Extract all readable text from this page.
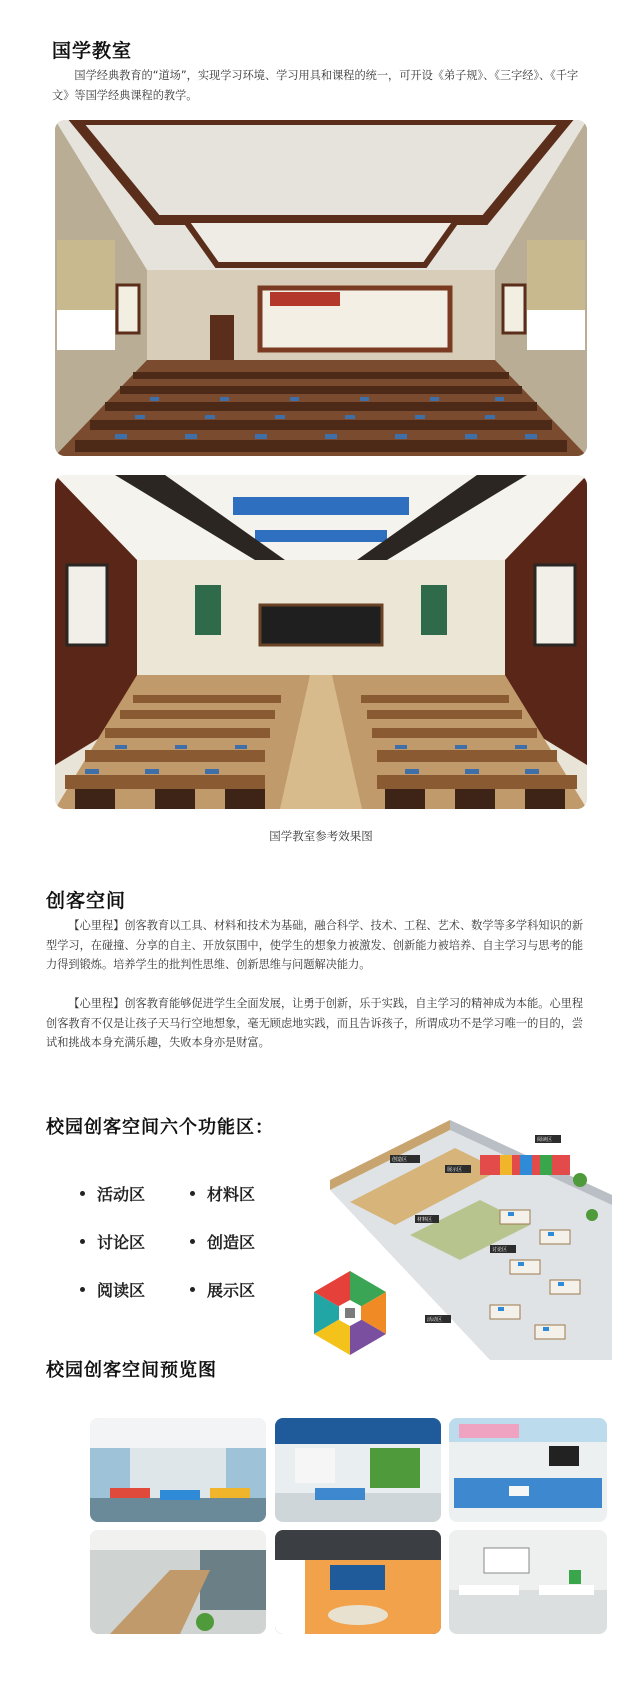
国学教室
国学经典教育的“道场”，实现学习环境、学习用具和课程的统一，可开设《弟子规》、《三字经》、《千字文》等国学经典课程的教学。
国学教室参考效果图
创客空间
【心里程】创客教育以工具、材料和技术为基础，融合科学、技术、工程、艺术、数学等多学科知识的新型学习，在碰撞、分享的自主、开放氛围中，使学生的想象力被激发、创新能力被培养、自主学习与思考的能力得到锻炼。培养学生的批判性思维、创新思维与问题解决能力。
【心里程】创客教育能够促进学生全面发展，让勇于创新，乐于实践，自主学习的精神成为本能。心里程创客教育不仅是让孩子天马行空地想象，毫无顾虑地实践，而且告诉孩子，所谓成功不是学习唯一的目的，尝试和挑战本身充满乐趣，失败本身亦是财富。
校园创客空间六个功能区：
活动区	材料区
讨论区	创造区
阅读区	展示区
创造区
展示区
阅读区
材料区
讨论区
活动区
校园创客空间预览图
